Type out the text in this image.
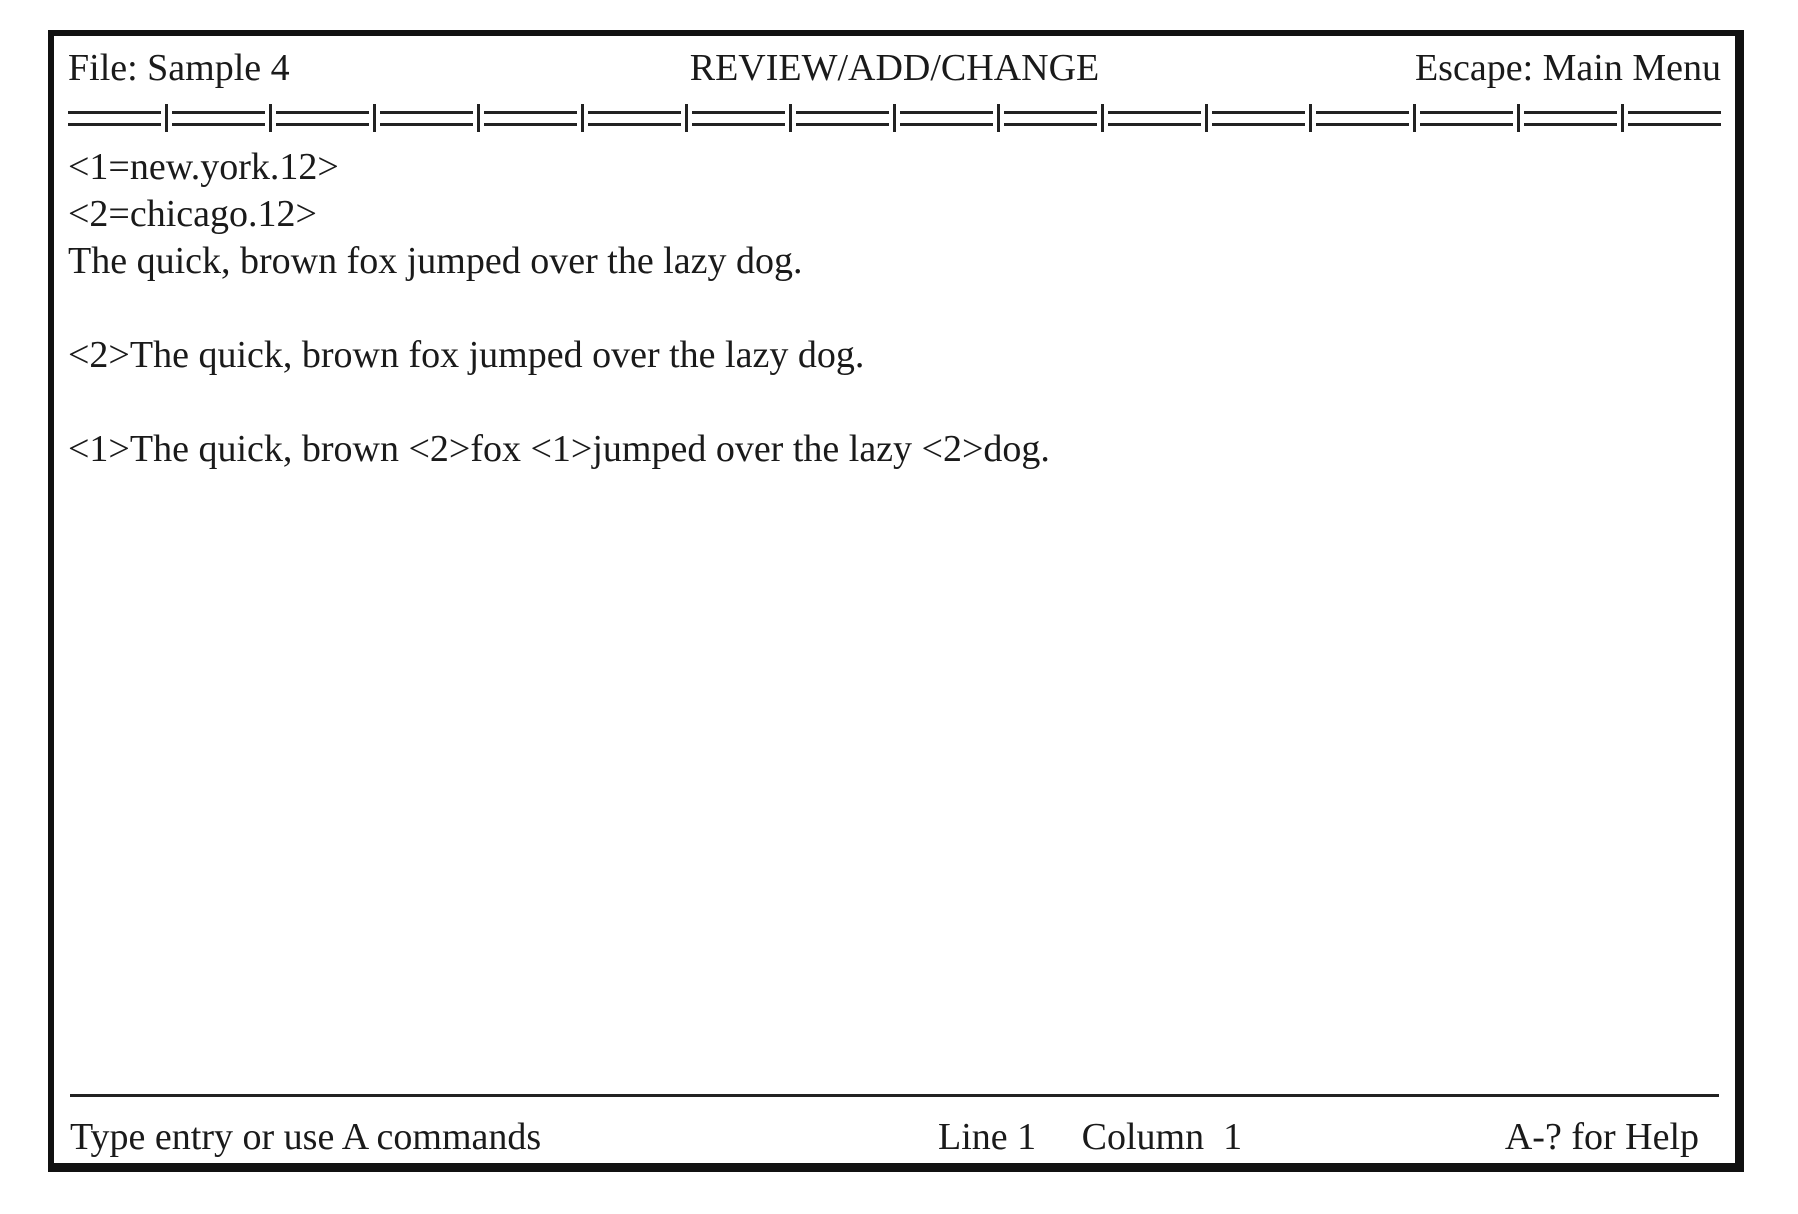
File: Sample 4	REVIEW/ADD/CHANGE	Escape: Main Menu
<1=new.york.12>
<2=chicago.12>
The quick, brown fox jumped over the lazy dog.
<2>The quick, brown fox jumped over the lazy dog.
<1>The quick, brown <2>fox <1>jumped over the lazy <2>dog.
Type entry or use A commands	Line 1 Column  1	A-? for Help
